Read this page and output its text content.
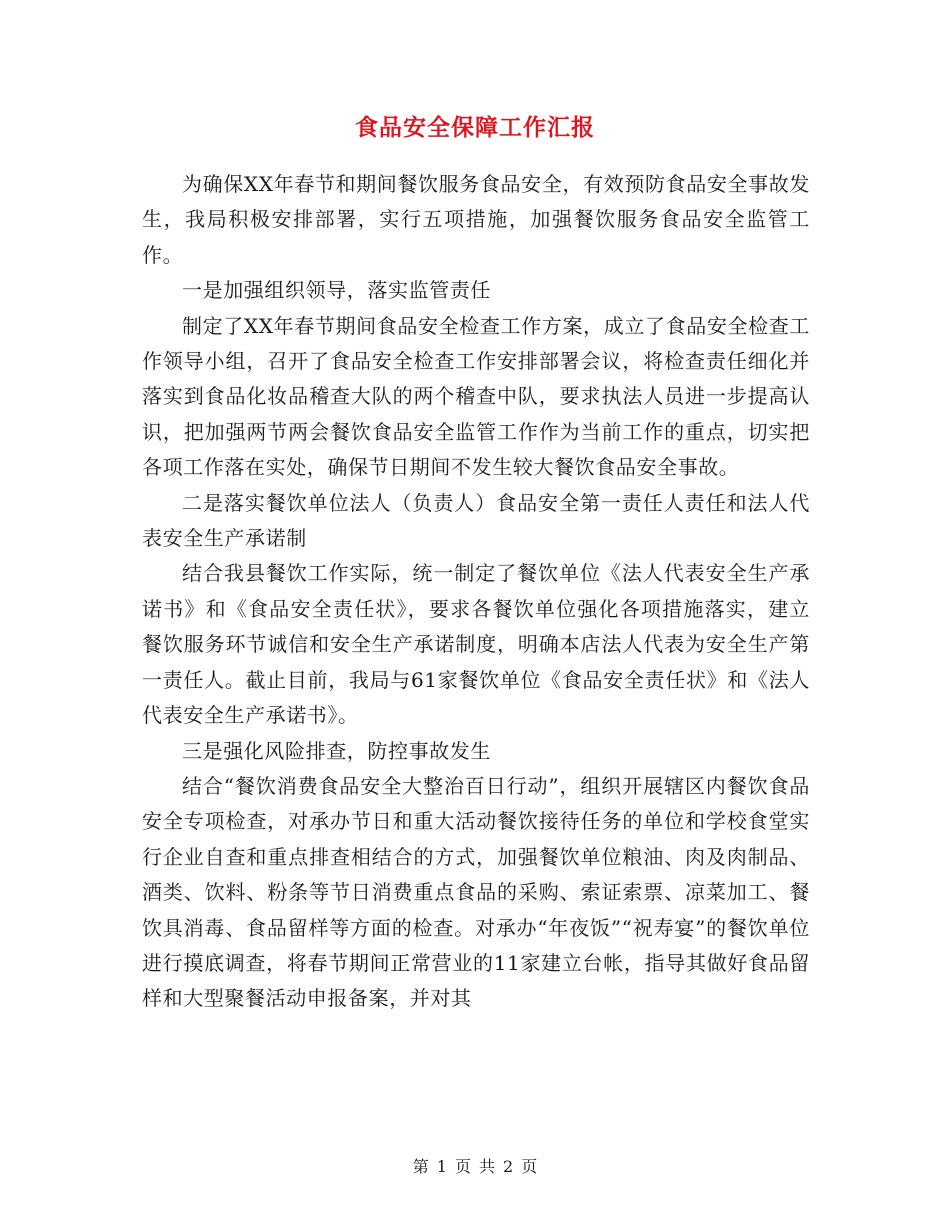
食品安全保障工作汇报

为确保XX年春节和期间餐饮服务食品安全，有效预防食品安全事故发生，我局积极安排部署，实行五项措施，加强餐饮服务食品安全监管工作。

一是加强组织领导，落实监管责任

制定了XX年春节期间食品安全检查工作方案，成立了食品安全检查工作领导小组，召开了食品安全检查工作安排部署会议，将检查责任细化并落实到食品化妆品稽查大队的两个稽查中队，要求执法人员进一步提高认识，把加强两节两会餐饮食品安全监管工作作为当前工作的重点，切实把各项工作落在实处，确保节日期间不发生较大餐饮食品安全事故。

二是落实餐饮单位法人（负责人）食品安全第一责任人责任和法人代表安全生产承诺制

结合我县餐饮工作实际，统一制定了餐饮单位《法人代表安全生产承诺书》和《食品安全责任状》，要求各餐饮单位强化各项措施落实，建立餐饮服务环节诚信和安全生产承诺制度，明确本店法人代表为安全生产第一责任人。截止目前，我局与61家餐饮单位《食品安全责任状》和《法人代表安全生产承诺书》。

三是强化风险排查，防控事故发生

结合“餐饮消费食品安全大整治百日行动”，组织开展辖区内餐饮食品安全专项检查，对承办节日和重大活动餐饮接待任务的单位和学校食堂实行企业自查和重点排查相结合的方式，加强餐饮单位粮油、肉及肉制品、酒类、饮料、粉条等节日消费重点食品的采购、索证索票、凉菜加工、餐饮具消毒、食品留样等方面的检查。对承办“年夜饭”“祝寿宴”的餐饮单位进行摸底调查，将春节期间正常营业的11家建立台帐，指导其做好食品留样和大型聚餐活动申报备案，并对其

第 1 页 共 2 页
